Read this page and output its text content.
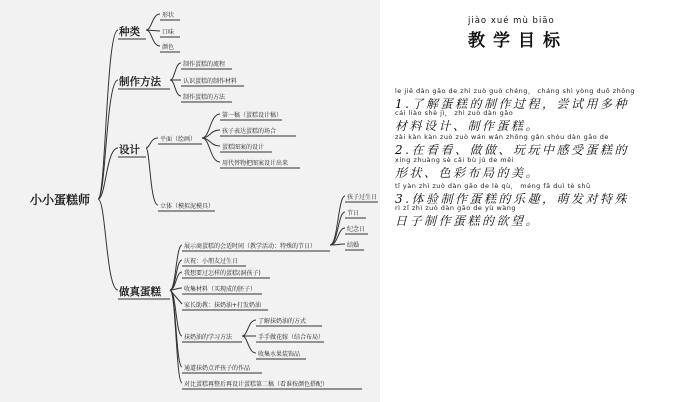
小小蛋糕师
种类
形状
口味
颜色
制作方法
制作蛋糕的流程
认识蛋糕的制作材料
制作蛋糕的方法
设计
平面（绘画）
第一稿（蛋糕设计稿）
孩子表达蛋糕的场合
蛋糕图案的设计
用代替物把图案设计出来
立体（模拟泥模具）
做真蛋糕
展示商蛋糕的会适时间（教学活动：特殊的节日）
孩子过生日
节日
纪念日
结婚
庆祝：小朋友过生日
我想要过怎样的蛋糕(洞孩子)
收集材料（买现成的胚子）
家长助教：抹奶油+打发奶油
抹奶油的学习方法
了解抹奶油的方式
手手做花嫁（结合布局）
收集水果装饰品
通道抹奶点评孩子的作品
对比蛋糕再整后再设计蛋糕第二稿（看谁按颜色搭配）
jiào xué mù biāo
教学目标
le jiě dàn gāo de zhì zuò guò chéng， cháng shì yòng duō zhǒng
1.了解蛋糕的制作过程，尝试用多种
cái liào shè jì， zhì zuò dàn gāo
材料设计、制作蛋糕。
zài kàn kàn zuò zuò wán wán zhōng gǎn shòu dàn gāo de
2.在看看、做做、玩玩中感受蛋糕的
xíng zhuàng sè cǎi bù jú de měi
形状、色彩布局的美。
tǐ yàn zhì zuò dàn gāo de lè qù， méng fā duì tè shū
3.体验制作蛋糕的乐趣，萌发对特殊
rì zǐ zhì zuò dàn gāo de yù wàng
日子制作蛋糕的欲望。
